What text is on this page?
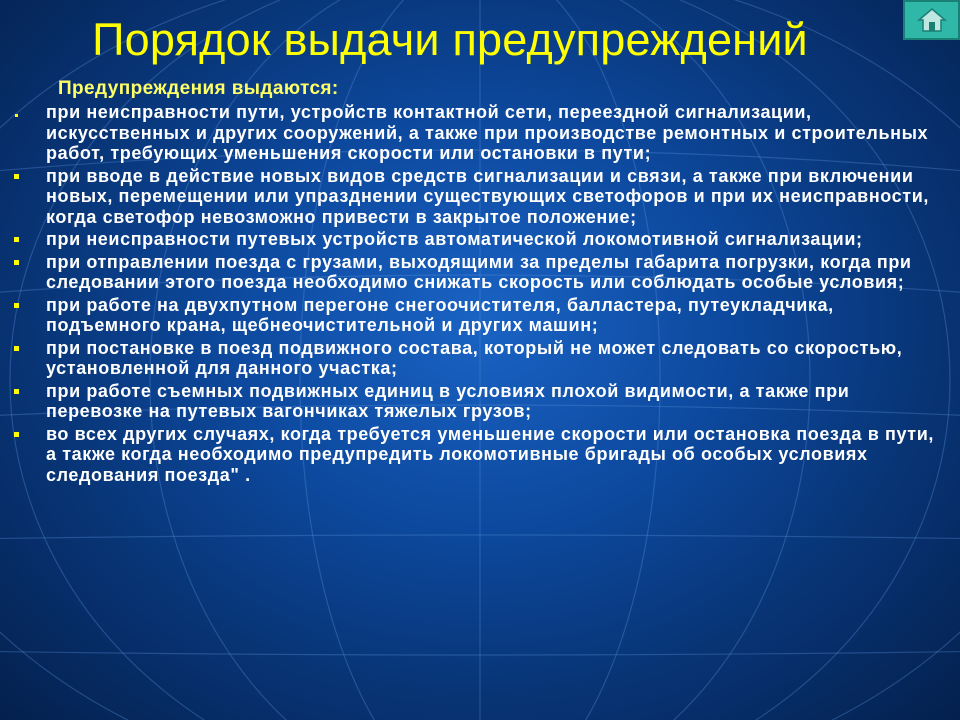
Порядок выдачи предупреждений
Предупреждения выдаются:
при неисправности пути, устройств контактной сети, переездной сигнализации, искусственных и других сооружений, а также при производстве ремонтных и строительных работ, требующих уменьшения скорости или остановки в пути;
при вводе в действие новых видов средств сигнализации и связи, а также при включении новых, перемещении или упразднении существующих светофоров и при их неисправности, когда светофор невозможно привести в закрытое положение;
при неисправности путевых устройств автоматической локомотивной сигнализации;
при отправлении поезда с грузами, выходящими за пределы габарита погрузки, когда при следовании этого поезда необходимо снижать скорость или соблюдать особые условия;
при работе на двухпутном перегоне снегоочистителя, балластера, путеукладчика, подъемного крана, щебнеочистительной и других машин;
при постановке в поезд подвижного состава, который не может следовать со скоростью, установленной для данного участка;
при работе съемных подвижных единиц в условиях плохой видимости, а также при перевозке на путевых вагончиках тяжелых грузов;
во всех других случаях, когда требуется уменьшение скорости или остановка поезда в пути, а также когда необходимо предупредить локомотивные бригады об особых условиях следования поезда" .
